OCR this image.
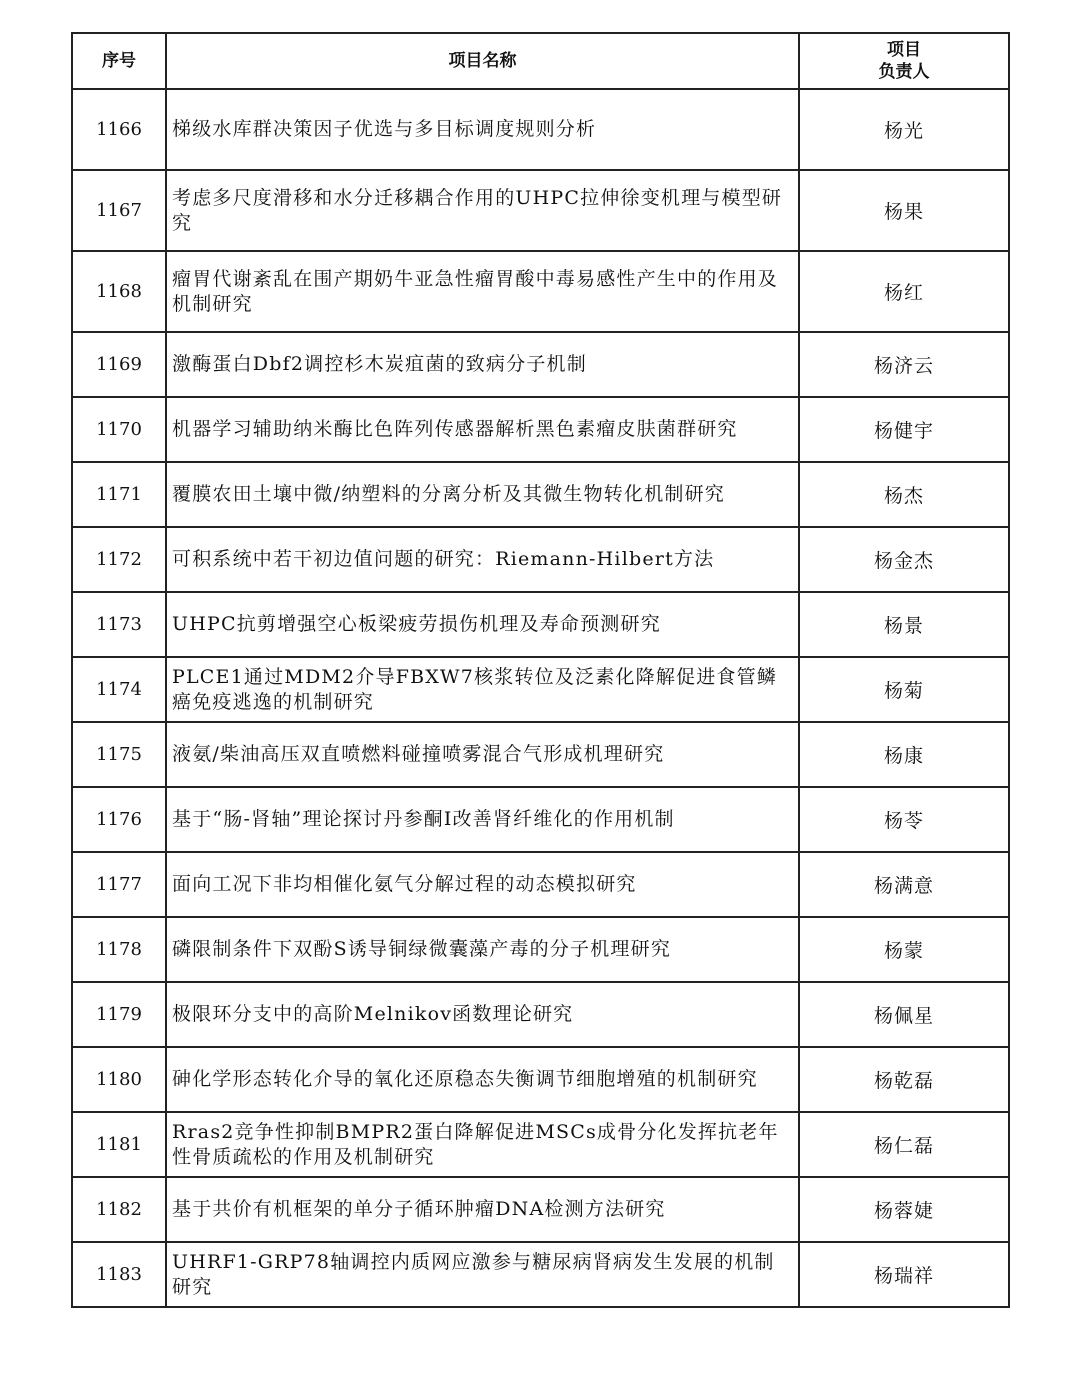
序号	项目名称	项目
负责人

1166	梯级水库群决策因子优选与多目标调度规则分析	杨光
1167	考虑多尺度滑移和水分迁移耦合作用的UHPC拉伸徐变机理与模型研究	杨果
1168	瘤胃代谢紊乱在围产期奶牛亚急性瘤胃酸中毒易感性产生中的作用及机制研究	杨红
1169	激酶蛋白Dbf2调控杉木炭疽菌的致病分子机制	杨济云
1170	机器学习辅助纳米酶比色阵列传感器解析黑色素瘤皮肤菌群研究	杨健宇
1171	覆膜农田土壤中微/纳塑料的分离分析及其微生物转化机制研究	杨杰
1172	可积系统中若干初边值问题的研究：Riemann-Hilbert方法	杨金杰
1173	UHPC抗剪增强空心板梁疲劳损伤机理及寿命预测研究	杨景
1174	PLCE1通过MDM2介导FBXW7核浆转位及泛素化降解促进食管鳞癌免疫逃逸的机制研究	杨菊
1175	液氨/柴油高压双直喷燃料碰撞喷雾混合气形成机理研究	杨康
1176	基于“肠-肾轴”理论探讨丹参酮I改善肾纤维化的作用机制	杨苓
1177	面向工况下非均相催化氨气分解过程的动态模拟研究	杨满意
1178	磷限制条件下双酚S诱导铜绿微囊藻产毒的分子机理研究	杨蒙
1179	极限环分支中的高阶Melnikov函数理论研究	杨佩星
1180	砷化学形态转化介导的氧化还原稳态失衡调节细胞增殖的机制研究	杨乾磊
1181	Rras2竞争性抑制BMPR2蛋白降解促进MSCs成骨分化发挥抗老年性骨质疏松的作用及机制研究	杨仁磊
1182	基于共价有机框架的单分子循环肿瘤DNA检测方法研究	杨蓉婕
1183	UHRF1-GRP78轴调控内质网应激参与糖尿病肾病发生发展的机制研究	杨瑞祥
